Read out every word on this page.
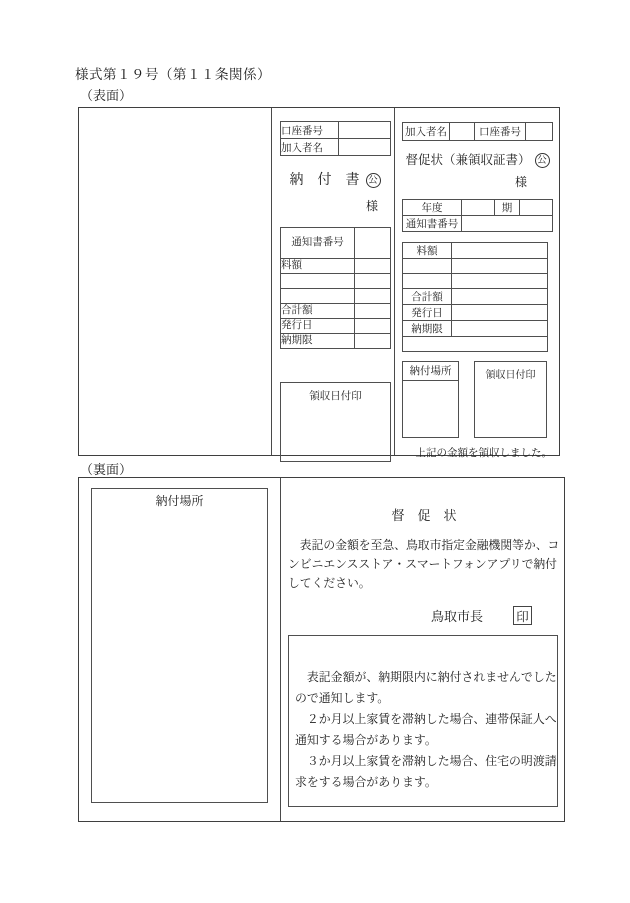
様式第１９号（第１１条関係）
（表面）
口座番号	
加入者名	
納　付　書 公
様
通知書番号	
料額	

合計額	
発行日	
納期限	
領収日付印
加入者名		口座番号	
督促状（兼領収証書） 公
様
年度		期	
通知書番号			
料額	

合計額	
発行日	
納期限	

納付場所	領収日付印
上記の金額を領収しました。
（裏面）
納付場所
督　促　状
　表記の金額を至急、鳥取市指定金融機関等か、コ
ンビニエンスストア・スマートフォンアプリで納付
してください。
鳥取市長	印
　表記金額が、納期限内に納付されませんでした
ので通知します。
　２か月以上家賃を滞納した場合、連帯保証人へ
通知する場合があります。
　３か月以上家賃を滞納した場合、住宅の明渡請
求をする場合があります。
